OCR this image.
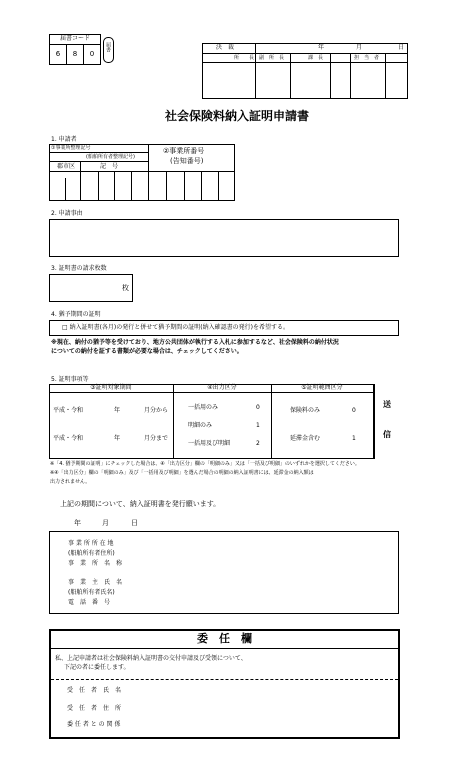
届書コード
6	8	0
届書	決　裁	年	月	日
所　　長 副　所　長	課　長	担　当　者
社会保険料納入証明申請書
1. 申請者
①事業所整理記号
(船舶所有者整理記号)
郡市区	記　号
②事業所番号
(告知番号)
2. 申請事由
3. 証明書の請求枚数
枚
4. 猶予期間の証明
□ 納入証明書(各月)の発行と併せて猶予期間の証明(納入確認書の発行)を希望する。
※現在、納付の猶予等を受けており、地方公共団体が執行する入札に参加するなど、社会保険料の納付状況
についての納付を証する書類が必要な場合は、チェックしてください。
5. 証明事項等
③証明対象期間	④出力区分	⑤証明範囲区分
平成・令和	年	月分から
平成・令和	年	月分まで
一括用のみ	0
明細のみ	1
一括用及び明細	2
保険料のみ	0
延滞金含む	1
送
信
※「4. 猶予期間の証明」にチェックした場合は、④「出力区分」欄の「明細のみ」又は「一括及び明細」のいずれかを選択してください。
※④「出力区分」欄の「明細のみ」及び「一括用及び明細」を選んだ場合の明細の納入証明書には、延滞金の納入額は
出力されません。
上記の期間について、納入証明書を発行願います。
年	月	日
事 業 所 所 在 地
(船舶所有者住所)
事　業　所　名　称
事　業　主　氏　名
(船舶所有者氏名)
電　話　番　号
委　任　欄
私、上記申請者は社会保険料納入証明書の交付申請及び受領について、
下記の者に委任します。
受　任　者　氏　名
受　任　者　住　所
委 任 者 と の 関 係
